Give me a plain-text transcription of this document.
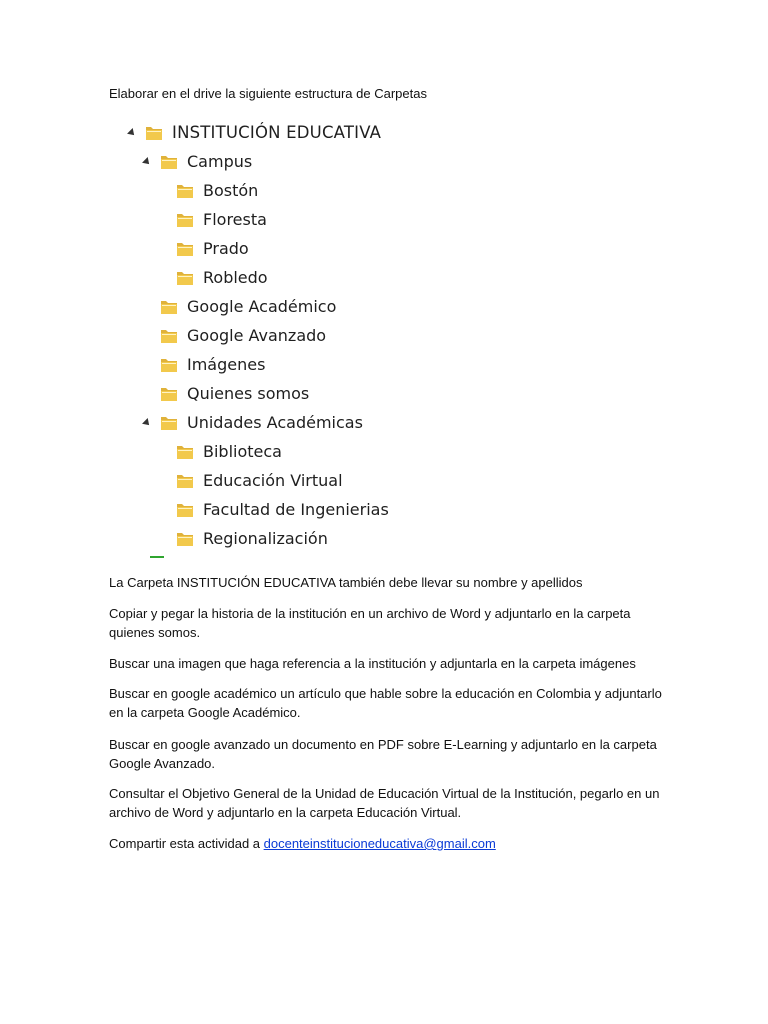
Elaborar en el drive la siguiente estructura de Carpetas

INSTITUCIÓN EDUCATIVA
Campus
Bostón
Floresta
Prado
Robledo
Google Académico
Google Avanzado
Imágenes
Quienes somos
Unidades Académicas
Biblioteca
Educación Virtual
Facultad de Ingenierias
Regionalización

La Carpeta INSTITUCIÓN EDUCATIVA también debe llevar su nombre y apellidos

Copiar y pegar la historia de la institución en un archivo de Word y adjuntarlo en la carpeta quienes somos.

Buscar una imagen que haga referencia a la institución y adjuntarla en la carpeta imágenes

Buscar en google académico un artículo que hable sobre la educación en Colombia y adjuntarlo en la carpeta Google Académico.

Buscar en google avanzado un documento en PDF sobre E-Learning y adjuntarlo en la carpeta Google Avanzado.

Consultar el Objetivo General de la Unidad de Educación Virtual de la Institución, pegarlo en un archivo de Word y adjuntarlo en la carpeta Educación Virtual.

Compartir esta actividad a docenteinstitucioneducativa@gmail.com
